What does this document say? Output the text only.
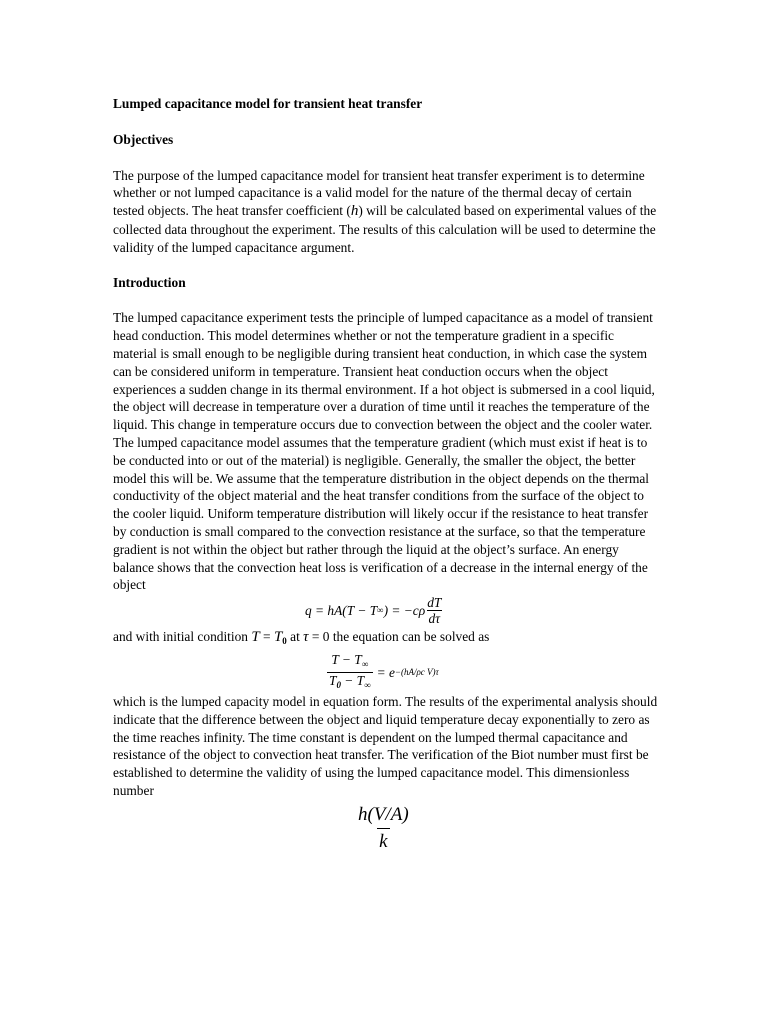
Lumped capacitance model for transient heat transfer

Objectives

The purpose of the lumped capacitance model for transient heat transfer experiment is to determine whether or not lumped capacitance is a valid model for the nature of the thermal decay of certain tested objects. The heat transfer coefficient (h) will be calculated based on experimental values of the collected data throughout the experiment. The results of this calculation will be used to determine the validity of the lumped capacitance argument.

Introduction

The lumped capacitance experiment tests the principle of lumped capacitance as a model of transient head conduction. This model determines whether or not the temperature gradient in a specific material is small enough to be negligible during transient heat conduction, in which case the system can be considered uniform in temperature. Transient heat conduction occurs when the object experiences a sudden change in its thermal environment. If a hot object is submersed in a cool liquid, the object will decrease in temperature over a duration of time until it reaches the temperature of the liquid. This change in temperature occurs due to convection between the object and the cooler water. The lumped capacitance model assumes that the temperature gradient (which must exist if heat is to be conducted into or out of the material) is negligible. Generally, the smaller the object, the better model this will be. We assume that the temperature distribution in the object depends on the thermal conductivity of the object material and the heat transfer conditions from the surface of the object to the cooler liquid. Uniform temperature distribution will likely occur if the resistance to heat transfer by conduction is small compared to the convection resistance at the surface, so that the temperature gradient is not within the object but rather through the liquid at the object’s surface. An energy balance shows that the convection heat loss is verification of a decrease in the internal energy of the object

q = hA(T − T ∞ ) = $-c\rho \frac{dT}{d\tau}$

and with initial condition $T = T_0$ at τ = 0 the equation can be solved as

$\frac{T - T_\infty}{T_0 - T_\infty} = e -(hA/\rho c$ V)τ

which is the lumped capacity model in equation form. The results of the experimental analysis should indicate that the difference between the object and liquid temperature decay exponentially to zero as the time reaches infinity. The time constant is dependent on the lumped thermal capacitance and resistance of the object to convection heat transfer. The verification of the Biot number must first be established to determine the validity of using the lumped capacitance model. This dimensionless number

$\frac{h(V/A)}{k}$
